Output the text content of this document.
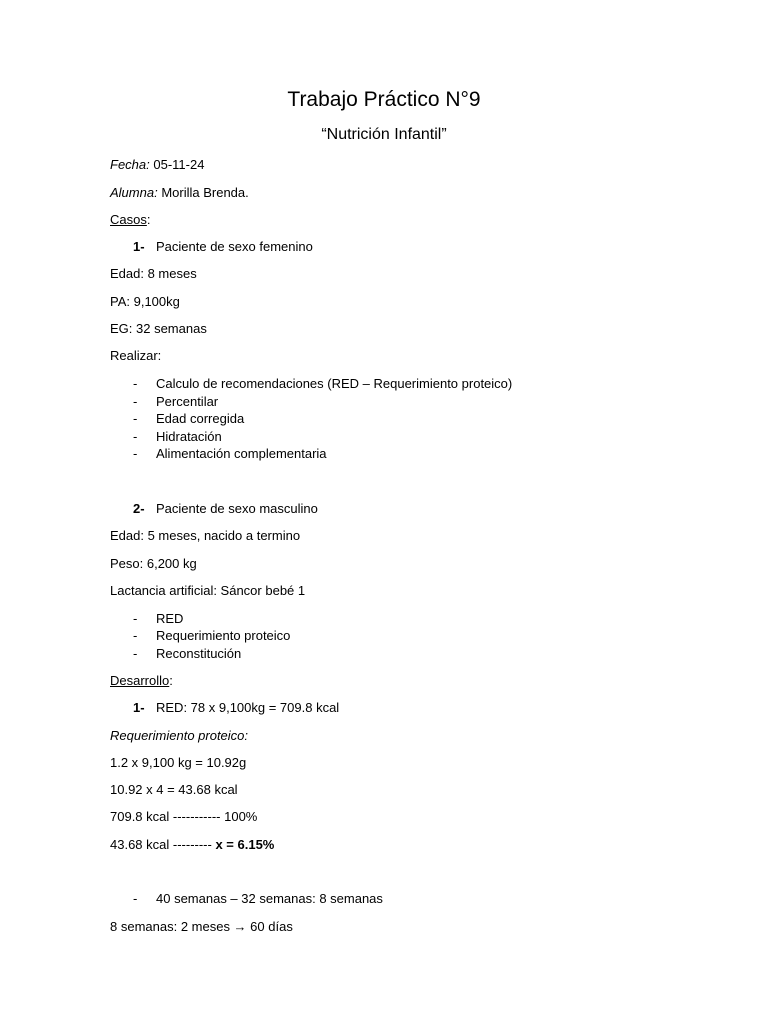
Trabajo Práctico N°9
“Nutrición Infantil”
Fecha: 05-11-24
Alumna: Morilla Brenda.
Casos:
1- Paciente de sexo femenino
Edad: 8 meses
PA: 9,100kg
EG: 32 semanas
Realizar:
- Calculo de recomendaciones (RED – Requerimiento proteico)
- Percentilar
- Edad corregida
- Hidratación
- Alimentación complementaria
2- Paciente de sexo masculino
Edad: 5 meses, nacido a termino
Peso: 6,200 kg
Lactancia artificial: Sáncor bebé 1
- RED
- Requerimiento proteico
- Reconstitución
Desarrollo:
1- RED: 78 x 9,100kg = 709.8 kcal
Requerimiento proteico:
1.2 x 9,100 kg = 10.92g
10.92 x 4 = 43.68 kcal
709.8 kcal ----------- 100%
43.68 kcal --------- x = 6.15%
- 40 semanas – 32 semanas: 8 semanas
8 semanas: 2 meses → 60 días
